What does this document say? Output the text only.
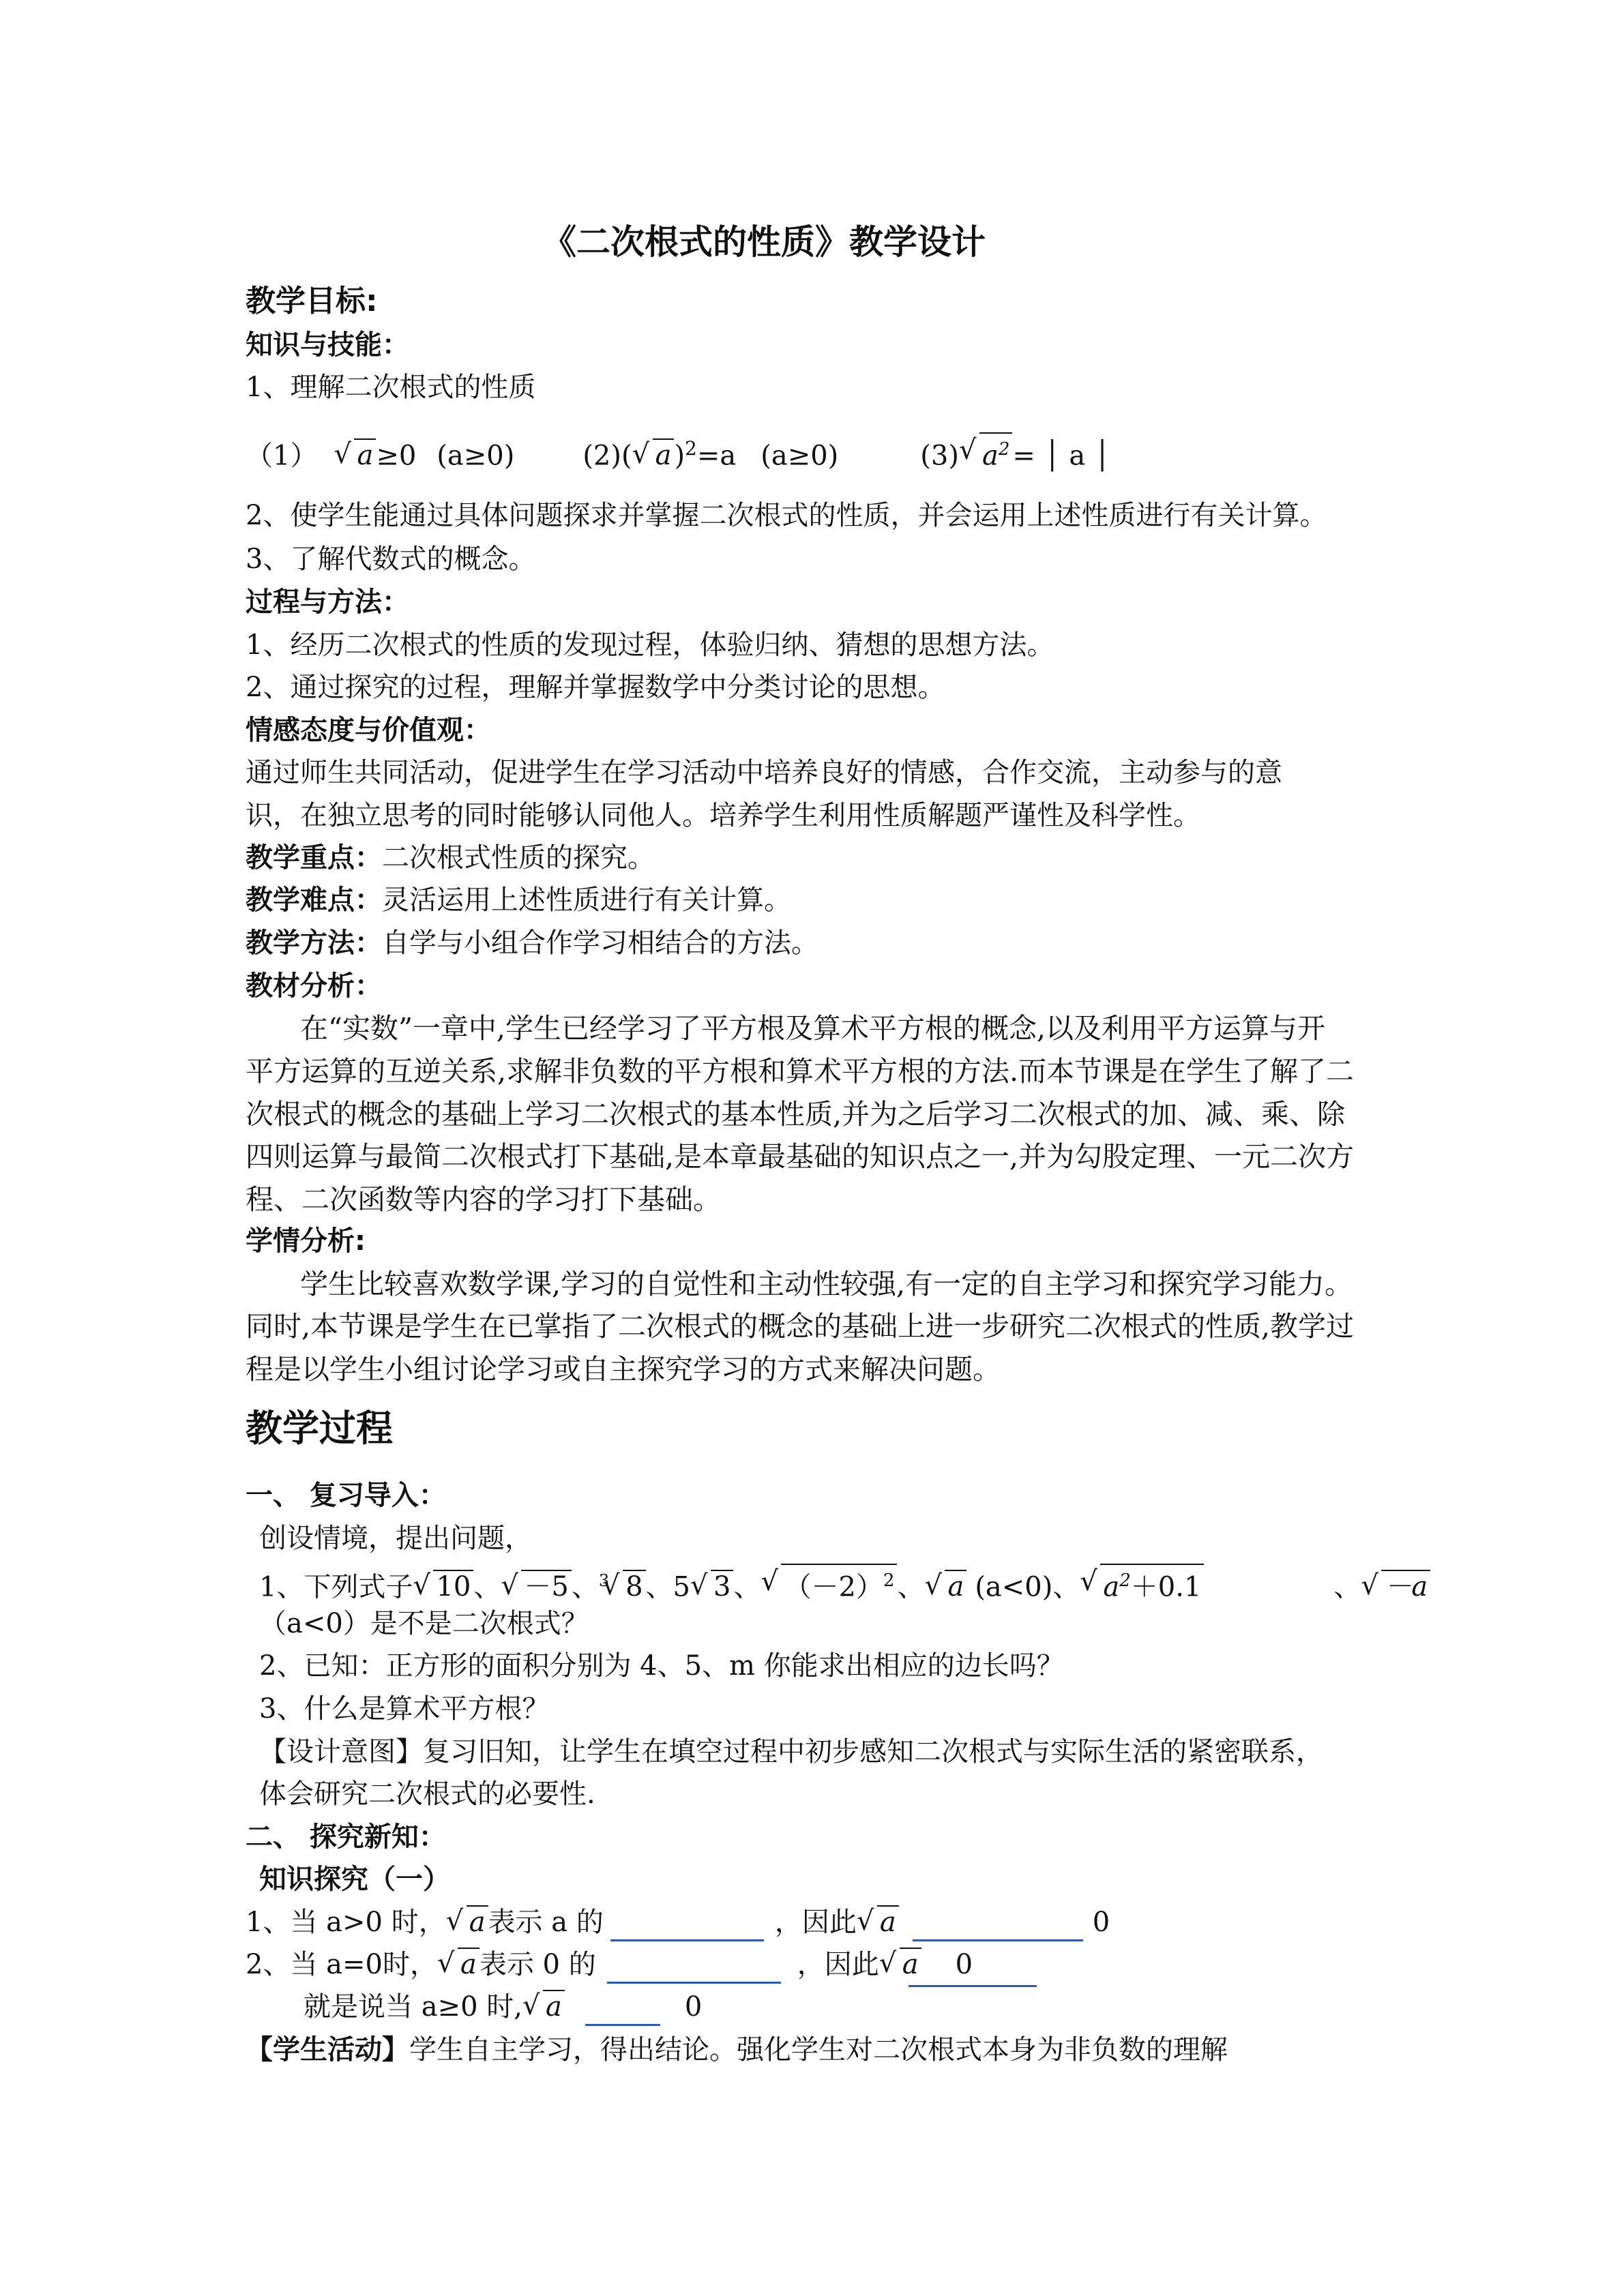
《二次根式的性质》教学设计
教学目标:
知识与技能：
1、理解二次根式的性质
（1） √ a ≥0 (a≥0)	(2)( √ a )$^2$=a (a≥0)	(3) √ $a^2$ = │ a │
2、使学生能通过具体问题探求并掌握二次根式的性质，并会运用上述性质进行有关计算。
3、了解代数式的概念。
过程与方法：
1、经历二次根式的性质的发现过程，体验归纳、猜想的思想方法。
2、通过探究的过程，理解并掌握数学中分类讨论的思想。
情感态度与价值观：
通过师生共同活动，促进学生在学习活动中培养良好的情感，合作交流，主动参与的意
识，在独立思考的同时能够认同他人。培养学生利用性质解题严谨性及科学性。
教学重点：二次根式性质的探究。
教学难点：灵活运用上述性质进行有关计算。
教学方法：自学与小组合作学习相结合的方法。
教材分析：
在“实数”一章中,学生已经学习了平方根及算术平方根的概念,以及利用平方运算与开
平方运算的互逆关系,求解非负数的平方根和算术平方根的方法.而本节课是在学生了解了二
次根式的概念的基础上学习二次根式的基本性质,并为之后学习二次根式的加、减、乘、除
四则运算与最简二次根式打下基础,是本章最基础的知识点之一,并为勾股定理、一元二次方
程、二次函数等内容的学习打下基础。
学情分析:
学生比较喜欢数学课,学习的自觉性和主动性较强,有一定的自主学习和探究学习能力。
同时,本节课是学生在已掌指了二次根式的概念的基础上进一步研究二次根式的性质,教学过
程是以学生小组讨论学习或自主探究学习的方式来解决问题。
教学过程
一、 复习导入：
创设情境，提出问题，
1、下列式子 √ 10 、 √ －5 、$^3$ √ 8 、5 √ 3 、 √ $(-2)^2$ 、 √ a (a<0)、 √ $a^2+0.1$	、 √ －a
（a<0）是不是二次根式？
2、已知：正方形的面积分别为 4、5、m 你能求出相应的边长吗？
3、什么是算术平方根？
【设计意图】复习旧知，让学生在填空过程中初步感知二次根式与实际生活的紧密联系，
体会研究二次根式的必要性.
二、 探究新知：
知识探究（一）
1、当 a>0 时， √ a 表示 a 的	，因此 √ a	0
2、当 a=0时， √ a 表示 0 的	，因此 √ a 0
就是说当 a≥0 时, √ a	0
【学生活动】学生自主学习，得出结论。强化学生对二次根式本身为非负数的理解
